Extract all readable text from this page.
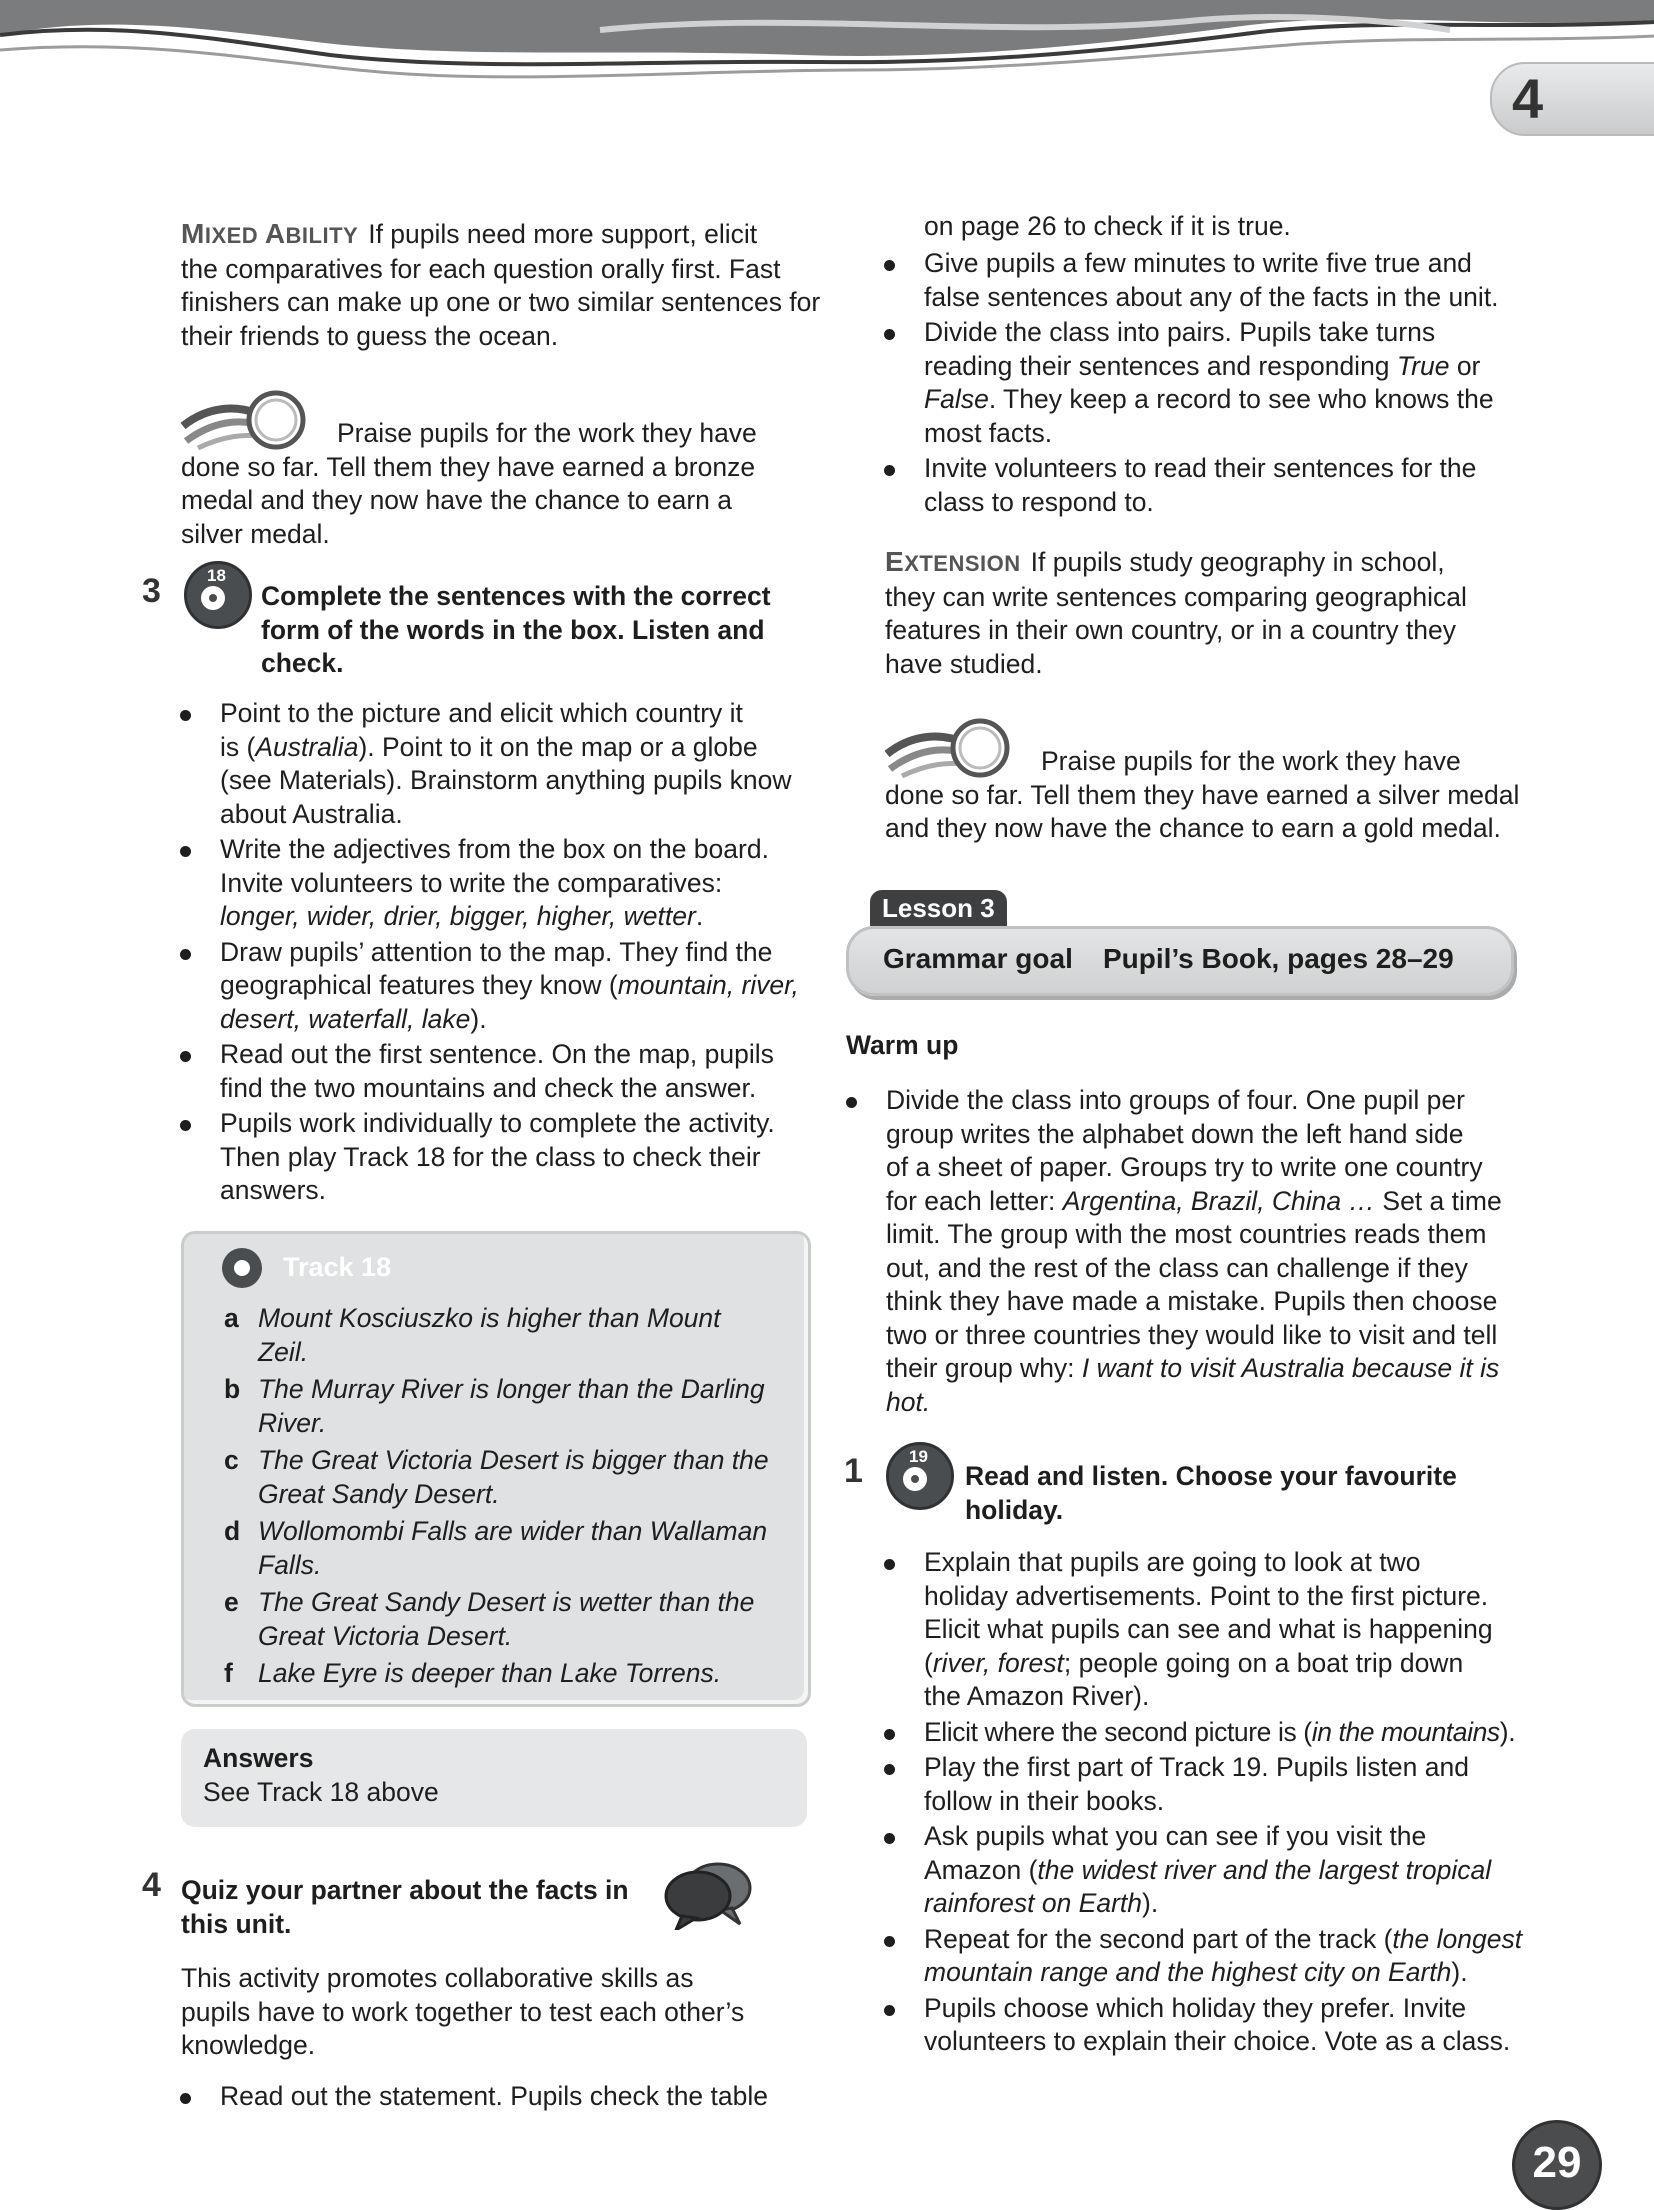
4

MIXED ABILITY If pupils need more support, elicit

the comparatives for each question orally first. Fast

finishers can make up one or two similar sentences for

their friends to guess the ocean.

Praise pupils for the work they have

done so far. Tell them they have earned a bronze

medal and they now have the chance to earn a

silver medal.

3	18

Complete the sentences with the correct

form of the words in the box. Listen and

check.

Point to the picture and elicit which country it
is (Australia). Point to it on the map or a globe
(see Materials). Brainstorm anything pupils know
about Australia.
Write the adjectives from the box on the board.
Invite volunteers to write the comparatives:
longer, wider, drier, bigger, higher, wetter.
Draw pupils’ attention to the map. They find the
geographical features they know (mountain, river,
desert, waterfall, lake).
Read out the first sentence. On the map, pupils
find the two mountains and check the answer.
Pupils work individually to complete the activity.
Then play Track 18 for the class to check their
answers.
Track 18
a Mount Kosciuszko is higher than Mount
Zeil.
b The Murray River is longer than the Darling
River.
c The Great Victoria Desert is bigger than the
Great Sandy Desert.
d Wollomombi Falls are wider than Wallaman
Falls.
e The Great Sandy Desert is wetter than the
Great Victoria Desert.
f Lake Eyre is deeper than Lake Torrens.
Answers
See Track 18 above
4 Quiz your partner about the facts in

this unit.

This activity promotes collaborative skills as

pupils have to work together to test each other’s

knowledge.

Read out the statement. Pupils check the table
on page 26 to check if it is true.
Give pupils a few minutes to write five true and
false sentences about any of the facts in the unit.
Divide the class into pairs. Pupils take turns
reading their sentences and responding True or
False. They keep a record to see who knows the
most facts.
Invite volunteers to read their sentences for the
class to respond to.

EXTENSION If pupils study geography in school,

they can write sentences comparing geographical

features in their own country, or in a country they

have studied.

Praise pupils for the work they have

done so far. Tell them they have earned a silver medal

and they now have the chance to earn a gold medal.

Lesson 3
Grammar goal Pupil’s Book, pages 28–29
Warm up
Divide the class into groups of four. One pupil per
group writes the alphabet down the left hand side
of a sheet of paper. Groups try to write one country
for each letter: Argentina, Brazil, China … Set a time
limit. The group with the most countries reads them
out, and the rest of the class can challenge if they
think they have made a mistake. Pupils then choose
two or three countries they would like to visit and tell
their group why: I want to visit Australia because it is
hot.
1	19

Read and listen. Choose your favourite

holiday.

Explain that pupils are going to look at two
holiday advertisements. Point to the first picture.
Elicit what pupils can see and what is happening
(river, forest; people going on a boat trip down
the Amazon River).
Elicit where the second picture is (in the mountains).
Play the first part of Track 19. Pupils listen and
follow in their books.
Ask pupils what you can see if you visit the
Amazon (the widest river and the largest tropical
rainforest on Earth).
Repeat for the second part of the track (the longest
mountain range and the highest city on Earth).
Pupils choose which holiday they prefer. Invite
volunteers to explain their choice. Vote as a class.
29
